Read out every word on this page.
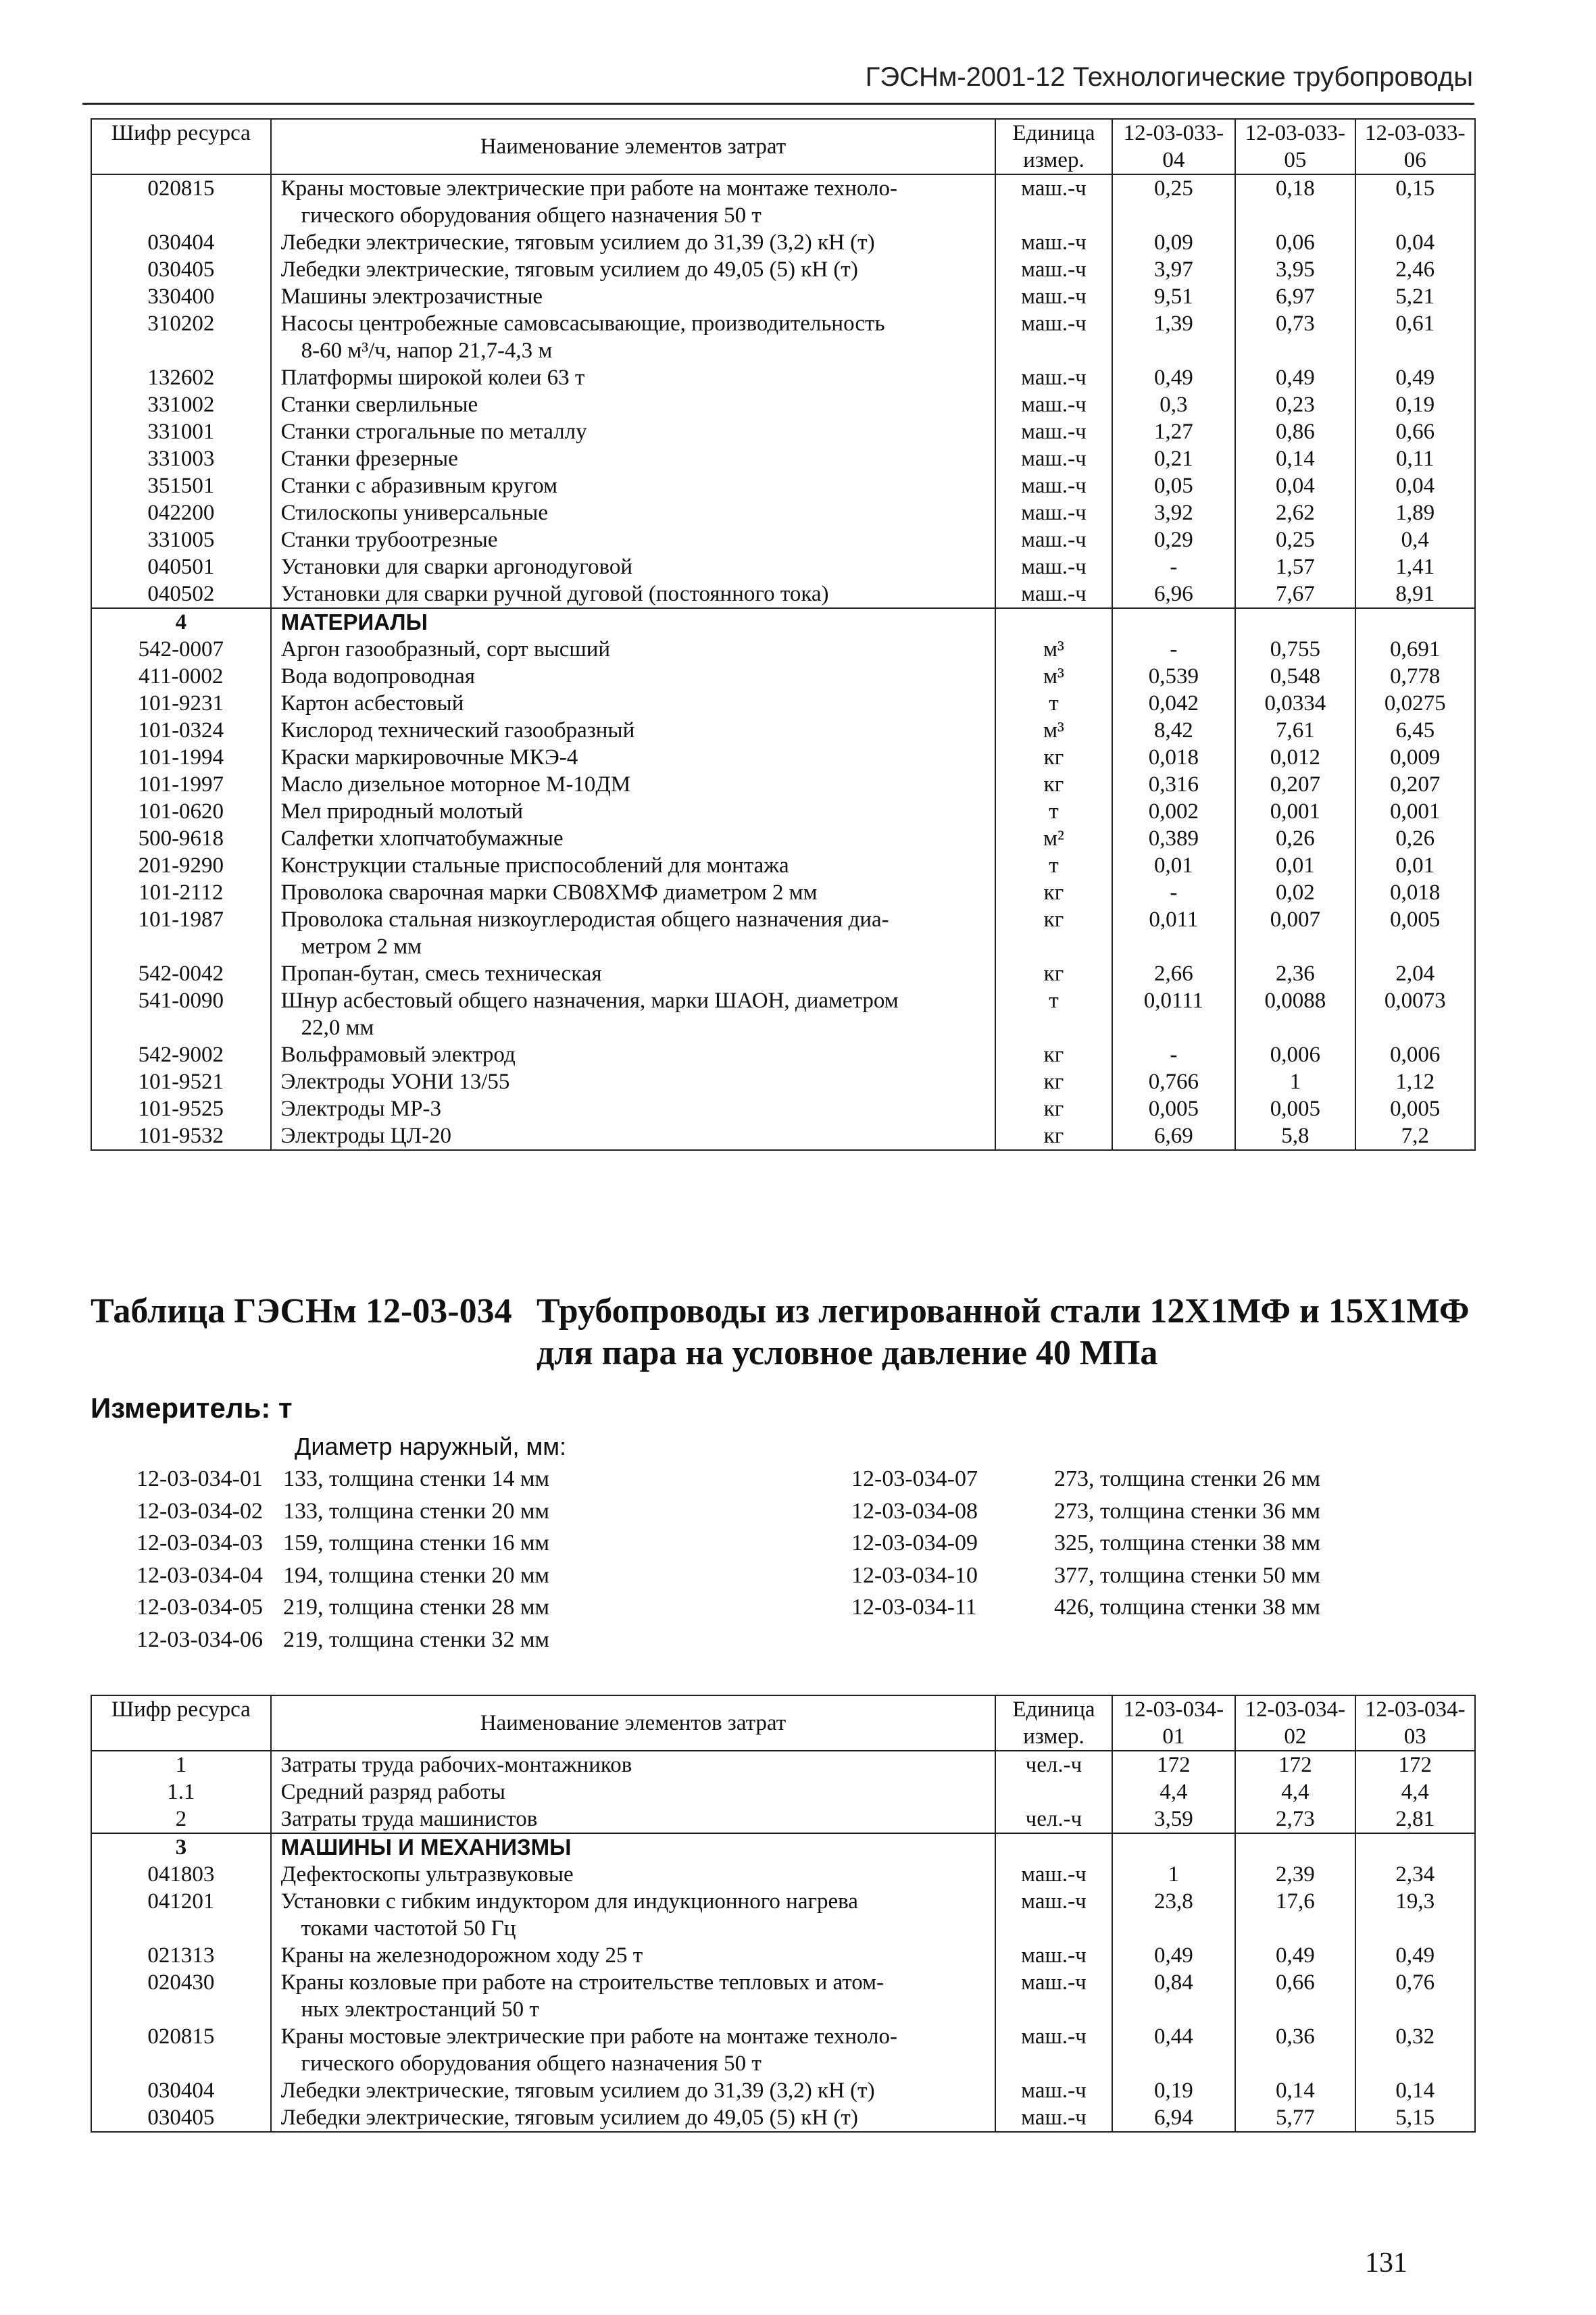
ГЭСНм-2001-12 Технологические трубопроводы
Шифр ресурса	Наименование элементов затрат	Единица измер.	12-03-033-04	12-03-033-05	12-03-033-06
020815	Краны мостовые электрические при работе на монтаже техноло-
гического оборудования общего назначения 50 т	маш.-ч	0,25	0,18	0,15
030404	Лебедки электрические, тяговым усилием до 31,39 (3,2) кН (т)	маш.-ч	0,09	0,06	0,04
030405	Лебедки электрические, тяговым усилием до 49,05 (5) кН (т)	маш.-ч	3,97	3,95	2,46
330400	Машины электрозачистные	маш.-ч	9,51	6,97	5,21
310202	Насосы центробежные самовсасывающие, производительность
8-60 м³/ч, напор 21,7-4,3 м	маш.-ч	1,39	0,73	0,61
132602	Платформы широкой колеи 63 т	маш.-ч	0,49	0,49	0,49
331002	Станки сверлильные	маш.-ч	0,3	0,23	0,19
331001	Станки строгальные по металлу	маш.-ч	1,27	0,86	0,66
331003	Станки фрезерные	маш.-ч	0,21	0,14	0,11
351501	Станки с абразивным кругом	маш.-ч	0,05	0,04	0,04
042200	Стилоскопы универсальные	маш.-ч	3,92	2,62	1,89
331005	Станки трубоотрезные	маш.-ч	0,29	0,25	0,4
040501	Установки для сварки аргонодуговой	маш.-ч	-	1,57	1,41
040502	Установки для сварки ручной дуговой (постоянного тока)	маш.-ч	6,96	7,67	8,91
4	МАТЕРИАЛЫ				
542-0007	Аргон газообразный, сорт высший	м³	-	0,755	0,691
411-0002	Вода водопроводная	м³	0,539	0,548	0,778
101-9231	Картон асбестовый	т	0,042	0,0334	0,0275
101-0324	Кислород технический газообразный	м³	8,42	7,61	6,45
101-1994	Краски маркировочные МКЭ-4	кг	0,018	0,012	0,009
101-1997	Масло дизельное моторное М-10ДМ	кг	0,316	0,207	0,207
101-0620	Мел природный молотый	т	0,002	0,001	0,001
500-9618	Салфетки хлопчатобумажные	м²	0,389	0,26	0,26
201-9290	Конструкции стальные приспособлений для монтажа	т	0,01	0,01	0,01
101-2112	Проволока сварочная марки СВ08ХМФ диаметром 2 мм	кг	-	0,02	0,018
101-1987	Проволока стальная низкоуглеродистая общего назначения диа-
метром 2 мм	кг	0,011	0,007	0,005
542-0042	Пропан-бутан, смесь техническая	кг	2,66	2,36	2,04
541-0090	Шнур асбестовый общего назначения, марки ШАОН, диаметром
22,0 мм	т	0,0111	0,0088	0,0073
542-9002	Вольфрамовый электрод	кг	-	0,006	0,006
101-9521	Электроды УОНИ 13/55	кг	0,766	1	1,12
101-9525	Электроды МР-3	кг	0,005	0,005	0,005
101-9532	Электроды ЦЛ-20	кг	6,69	5,8	7,2
Таблица ГЭСНм 12-03-034 Трубопроводы из легированной стали 12Х1МФ и 15Х1МФ
для пара на условное давление 40 МПа
Измеритель: т
Диаметр наружный, мм:
12-03-034-01 133, толщина стенки 14 мм
12-03-034-02 133, толщина стенки 20 мм
12-03-034-03 159, толщина стенки 16 мм
12-03-034-04 194, толщина стенки 20 мм
12-03-034-05 219, толщина стенки 28 мм
12-03-034-06 219, толщина стенки 32 мм
12-03-034-07	273, толщина стенки 26 мм
12-03-034-08	273, толщина стенки 36 мм
12-03-034-09	325, толщина стенки 38 мм
12-03-034-10	377, толщина стенки 50 мм
12-03-034-11	426, толщина стенки 38 мм
Шифр ресурса	Наименование элементов затрат	Единица измер.	12-03-034-01	12-03-034-02	12-03-034-03
1	Затраты труда рабочих-монтажников	чел.-ч	172	172	172
1.1	Средний разряд работы		4,4	4,4	4,4
2	Затраты труда машинистов	чел.-ч	3,59	2,73	2,81
3	МАШИНЫ И МЕХАНИЗМЫ				
041803	Дефектоскопы ультразвуковые	маш.-ч	1	2,39	2,34
041201	Установки с гибким индуктором для индукционного нагрева
токами частотой 50 Гц	маш.-ч	23,8	17,6	19,3
021313	Краны на железнодорожном ходу 25 т	маш.-ч	0,49	0,49	0,49
020430	Краны козловые при работе на строительстве тепловых и атом-
ных электростанций 50 т	маш.-ч	0,84	0,66	0,76
020815	Краны мостовые электрические при работе на монтаже техноло-
гического оборудования общего назначения 50 т	маш.-ч	0,44	0,36	0,32
030404	Лебедки электрические, тяговым усилием до 31,39 (3,2) кН (т)	маш.-ч	0,19	0,14	0,14
030405	Лебедки электрические, тяговым усилием до 49,05 (5) кН (т)	маш.-ч	6,94	5,77	5,15
131
